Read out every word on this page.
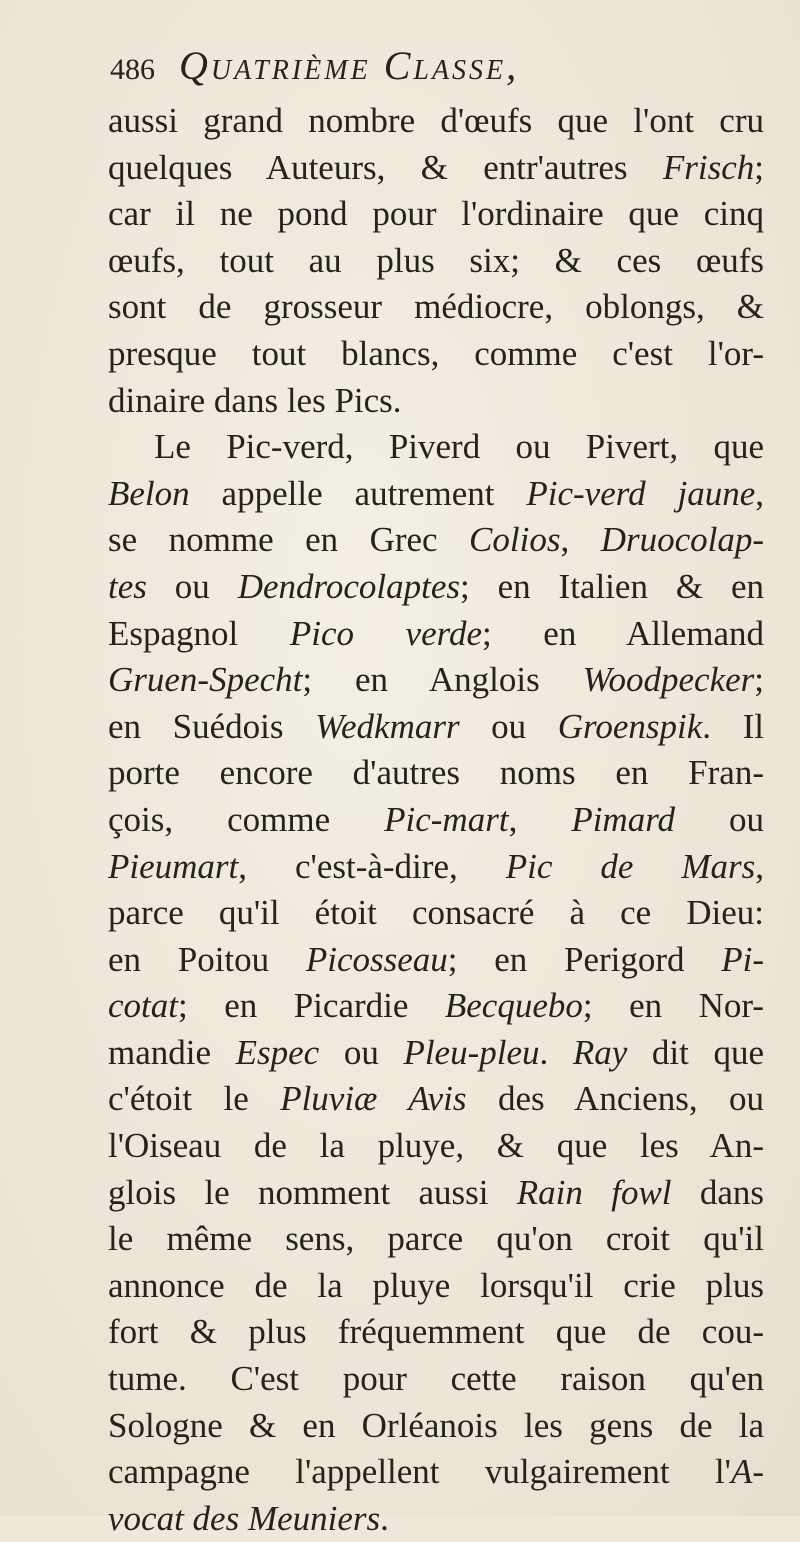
486 Quatrième Classe,
aussi grand nombre d'œufs que l'ont cru
quelques Auteurs, & entr'autres Frisch;
car il ne pond pour l'ordinaire que cinq
œufs, tout au plus six; & ces œufs
sont de grosseur médiocre, oblongs, &
presque tout blancs, comme c'est l'or-
dinaire dans les Pics.
Le Pic-verd, Piverd ou Pivert, que
Belon appelle autrement Pic-verd jaune,
se nomme en Grec Colios, Druocolap-
tes ou Dendrocolaptes; en Italien & en
Espagnol Pico verde; en Allemand
Gruen-Specht; en Anglois Woodpecker;
en Suédois Wedkmarr ou Groenspik. Il
porte encore d'autres noms en Fran-
çois, comme Pic-mart, Pimard ou
Pieumart, c'est-à-dire, Pic de Mars,
parce qu'il étoit consacré à ce Dieu:
en Poitou Picosseau; en Perigord Pi-
cotat; en Picardie Becquebo; en Nor-
mandie Espec ou Pleu-pleu. Ray dit que
c'étoit le Pluviæ Avis des Anciens, ou
l'Oiseau de la pluye, & que les An-
glois le nomment aussi Rain fowl dans
le même sens, parce qu'on croit qu'il
annonce de la pluye lorsqu'il crie plus
fort & plus fréquemment que de cou-
tume. C'est pour cette raison qu'en
Sologne & en Orléanois les gens de la
campagne l'appellent vulgairement l'A-
vocat des Meuniers.
